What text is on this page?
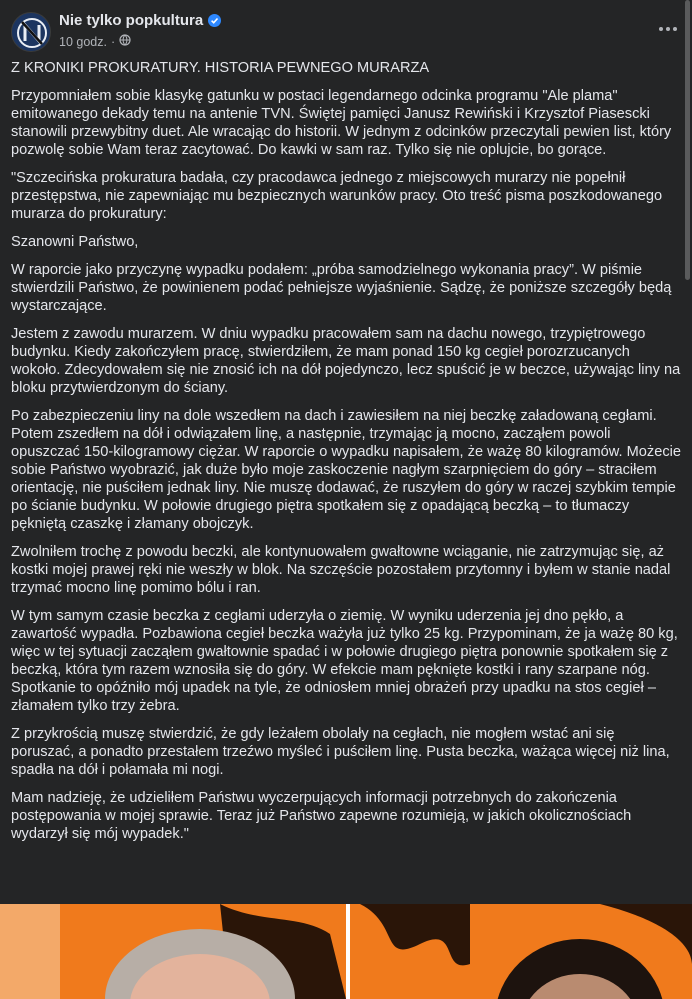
Nie tylko popkultura
10 godz. ·

Z KRONIKI PROKURATURY. HISTORIA PEWNEGO MURARZA

Przypomniałem sobie klasykę gatunku w postaci legendarnego odcinka programu "Ale plama" emitowanego dekady temu na antenie TVN. Świętej pamięci Janusz Rewiński i Krzysztof Piasescki stanowili przewybitny duet. Ale wracając do historii. W jednym z odcinków przeczytali pewien list, który pozwolę sobie Wam teraz zacytować. Do kawki w sam raz. Tylko się nie oplujcie, bo gorące.

"Szczecińska prokuratura badała, czy pracodawca jednego z miejscowych murarzy nie popełnił przestępstwa, nie zapewniając mu bezpiecznych warunków pracy. Oto treść pisma poszkodowanego murarza do prokuratury:

Szanowni Państwo,

W raporcie jako przyczynę wypadku podałem: „próba samodzielnego wykonania pracy”. W piśmie stwierdzili Państwo, że powinienem podać pełniejsze wyjaśnienie. Sądzę, że poniższe szczegóły będą wystarczające.

Jestem z zawodu murarzem. W dniu wypadku pracowałem sam na dachu nowego, trzypiętrowego budynku. Kiedy zakończyłem pracę, stwierdziłem, że mam ponad 150 kg cegieł porozrzucanych wokoło. Zdecydowałem się nie znosić ich na dół pojedynczo, lecz spuścić je w beczce, używając liny na bloku przytwierdzonym do ściany.

Po zabezpieczeniu liny na dole wszedłem na dach i zawiesiłem na niej beczkę załadowaną cegłami. Potem zszedłem na dół i odwiązałem linę, a następnie, trzymając ją mocno, zacząłem powoli opuszczać 150-kilogramowy ciężar. W raporcie o wypadku napisałem, że ważę 80 kilogramów. Możecie sobie Państwo wyobrazić, jak duże było moje zaskoczenie nagłym szarpnięciem do góry – straciłem orientację, nie puściłem jednak liny. Nie muszę dodawać, że ruszyłem do góry w raczej szybkim tempie po ścianie budynku. W połowie drugiego piętra spotkałem się z opadającą beczką – to tłumaczy pękniętą czaszkę i złamany obojczyk.

Zwolniłem trochę z powodu beczki, ale kontynuowałem gwałtowne wciąganie, nie zatrzymując się, aż kostki mojej prawej ręki nie weszły w blok. Na szczęście pozostałem przytomny i byłem w stanie nadal trzymać mocno linę pomimo bólu i ran.

W tym samym czasie beczka z cegłami uderzyła o ziemię. W wyniku uderzenia jej dno pękło, a zawartość wypadła. Pozbawiona cegieł beczka ważyła już tylko 25 kg. Przypominam, że ja ważę 80 kg, więc w tej sytuacji zacząłem gwałtownie spadać i w połowie drugiego piętra ponownie spotkałem się z beczką, która tym razem wznosiła się do góry. W efekcie mam pęknięte kostki i rany szarpane nóg. Spotkanie to opóźniło mój upadek na tyle, że odniosłem mniej obrażeń przy upadku na stos cegieł – złamałem tylko trzy żebra.

Z przykrością muszę stwierdzić, że gdy leżałem obolały na cegłach, nie mogłem wstać ani się poruszać, a ponadto przestałem trzeźwo myśleć i puściłem linę. Pusta beczka, ważąca więcej niż lina, spadła na dół i połamała mi nogi.

Mam nadzieję, że udzieliłem Państwu wyczerpujących informacji potrzebnych do zakończenia postępowania w mojej sprawie. Teraz już Państwo zapewne rozumieją, w jakich okolicznościach wydarzył się mój wypadek."
